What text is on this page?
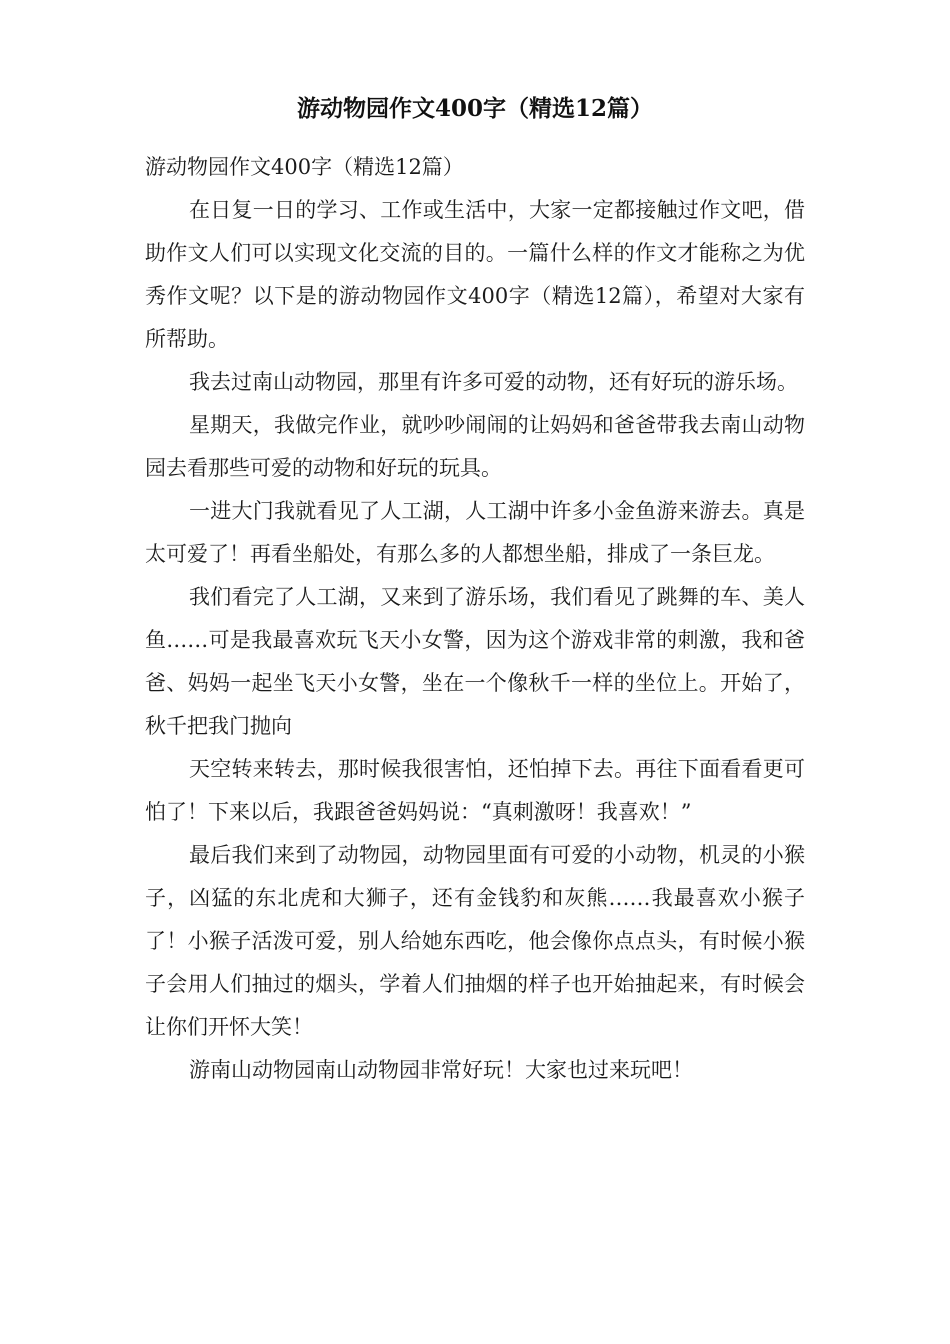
游动物园作文400字（精选12篇）

游动物园作文400字（精选12篇）

在日复一日的学习、工作或生活中，大家一定都接触过作文吧，借助作文人们可以实现文化交流的目的。一篇什么样的作文才能称之为优秀作文呢？以下是的游动物园作文400字（精选12篇），希望对大家有所帮助。

我去过南山动物园，那里有许多可爱的动物，还有好玩的游乐场。

星期天，我做完作业，就吵吵闹闹的让妈妈和爸爸带我去南山动物园去看那些可爱的动物和好玩的玩具。

一进大门我就看见了人工湖，人工湖中许多小金鱼游来游去。真是太可爱了！再看坐船处，有那么多的人都想坐船，排成了一条巨龙。

我们看完了人工湖，又来到了游乐场，我们看见了跳舞的车、美人鱼……可是我最喜欢玩飞天小女警，因为这个游戏非常的刺激，我和爸爸、妈妈一起坐飞天小女警，坐在一个像秋千一样的坐位上。开始了，秋千把我门抛向

天空转来转去，那时候我很害怕，还怕掉下去。再往下面看看更可怕了！下来以后，我跟爸爸妈妈说：“真刺激呀！我喜欢！”

最后我们来到了动物园，动物园里面有可爱的小动物，机灵的小猴子，凶猛的东北虎和大狮子，还有金钱豹和灰熊……我最喜欢小猴子了！小猴子活泼可爱，别人给她东西吃，他会像你点点头，有时候小猴子会用人们抽过的烟头，学着人们抽烟的样子也开始抽起来，有时候会让你们开怀大笑！

游南山动物园南山动物园非常好玩！大家也过来玩吧！
